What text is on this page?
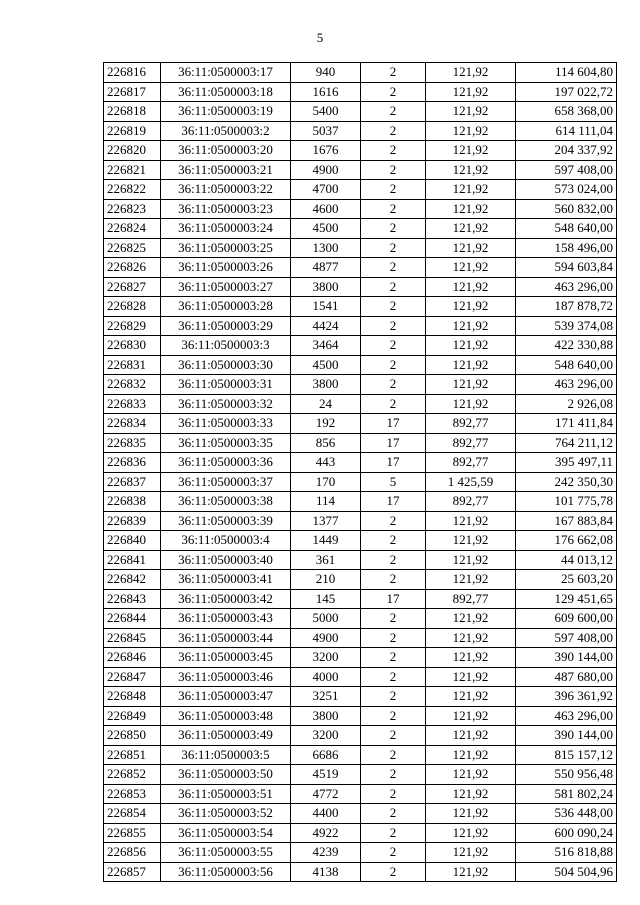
5
226816	36:11:0500003:17	940	2	121,92	114 604,80
226817	36:11:0500003:18	1616	2	121,92	197 022,72
226818	36:11:0500003:19	5400	2	121,92	658 368,00
226819	36:11:0500003:2	5037	2	121,92	614 111,04
226820	36:11:0500003:20	1676	2	121,92	204 337,92
226821	36:11:0500003:21	4900	2	121,92	597 408,00
226822	36:11:0500003:22	4700	2	121,92	573 024,00
226823	36:11:0500003:23	4600	2	121,92	560 832,00
226824	36:11:0500003:24	4500	2	121,92	548 640,00
226825	36:11:0500003:25	1300	2	121,92	158 496,00
226826	36:11:0500003:26	4877	2	121,92	594 603,84
226827	36:11:0500003:27	3800	2	121,92	463 296,00
226828	36:11:0500003:28	1541	2	121,92	187 878,72
226829	36:11:0500003:29	4424	2	121,92	539 374,08
226830	36:11:0500003:3	3464	2	121,92	422 330,88
226831	36:11:0500003:30	4500	2	121,92	548 640,00
226832	36:11:0500003:31	3800	2	121,92	463 296,00
226833	36:11:0500003:32	24	2	121,92	2 926,08
226834	36:11:0500003:33	192	17	892,77	171 411,84
226835	36:11:0500003:35	856	17	892,77	764 211,12
226836	36:11:0500003:36	443	17	892,77	395 497,11
226837	36:11:0500003:37	170	5	1 425,59	242 350,30
226838	36:11:0500003:38	114	17	892,77	101 775,78
226839	36:11:0500003:39	1377	2	121,92	167 883,84
226840	36:11:0500003:4	1449	2	121,92	176 662,08
226841	36:11:0500003:40	361	2	121,92	44 013,12
226842	36:11:0500003:41	210	2	121,92	25 603,20
226843	36:11:0500003:42	145	17	892,77	129 451,65
226844	36:11:0500003:43	5000	2	121,92	609 600,00
226845	36:11:0500003:44	4900	2	121,92	597 408,00
226846	36:11:0500003:45	3200	2	121,92	390 144,00
226847	36:11:0500003:46	4000	2	121,92	487 680,00
226848	36:11:0500003:47	3251	2	121,92	396 361,92
226849	36:11:0500003:48	3800	2	121,92	463 296,00
226850	36:11:0500003:49	3200	2	121,92	390 144,00
226851	36:11:0500003:5	6686	2	121,92	815 157,12
226852	36:11:0500003:50	4519	2	121,92	550 956,48
226853	36:11:0500003:51	4772	2	121,92	581 802,24
226854	36:11:0500003:52	4400	2	121,92	536 448,00
226855	36:11:0500003:54	4922	2	121,92	600 090,24
226856	36:11:0500003:55	4239	2	121,92	516 818,88
226857	36:11:0500003:56	4138	2	121,92	504 504,96
